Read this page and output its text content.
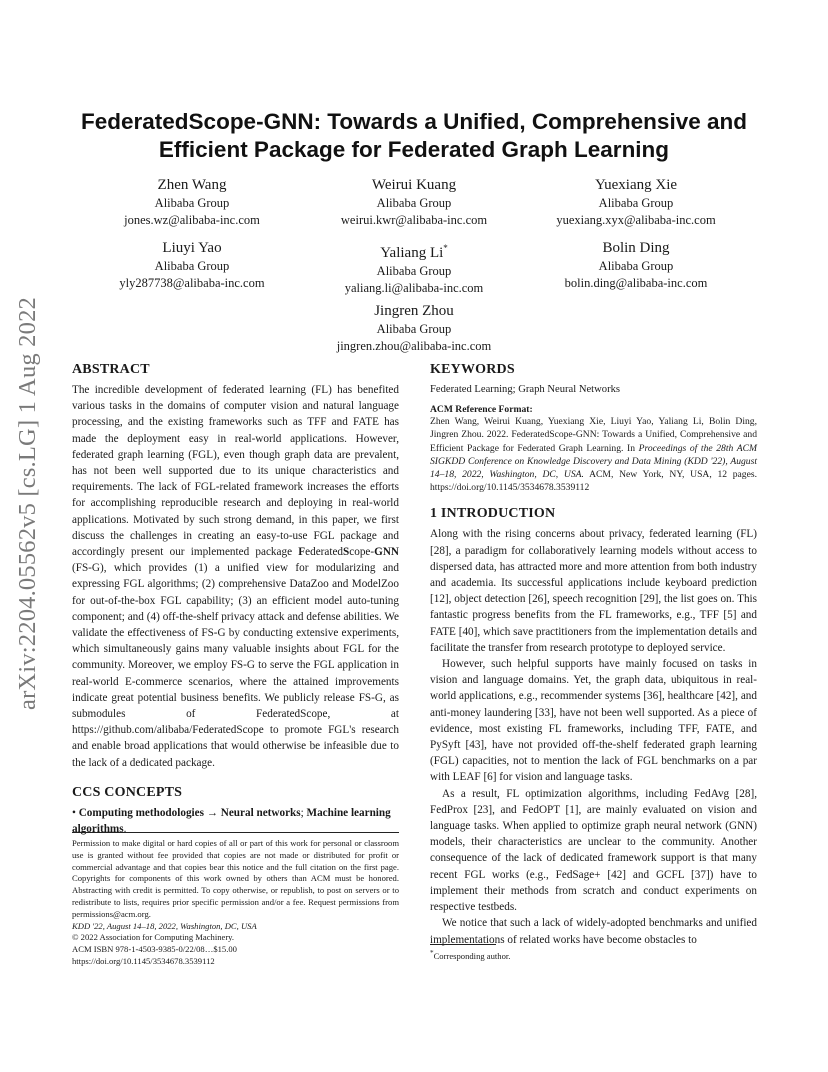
arXiv:2204.05562v5 [cs.LG] 1 Aug 2022
FederatedScope-GNN: Towards a Unified, Comprehensive and
Efficient Package for Federated Graph Learning
Zhen Wang
Alibaba Group
jones.wz@alibaba-inc.com
Weirui Kuang
Alibaba Group
weirui.kwr@alibaba-inc.com
Yuexiang Xie
Alibaba Group
yuexiang.xyx@alibaba-inc.com
Liuyi Yao
Alibaba Group
yly287738@alibaba-inc.com
Yaliang Li*
Alibaba Group
yaliang.li@alibaba-inc.com
Bolin Ding
Alibaba Group
bolin.ding@alibaba-inc.com
Jingren Zhou
Alibaba Group
jingren.zhou@alibaba-inc.com
ABSTRACT

The incredible development of federated learning (FL) has benefited various tasks in the domains of computer vision and natural language processing, and the existing frameworks such as TFF and FATE has made the deployment easy in real-world applications. However, federated graph learning (FGL), even though graph data are prevalent, has not been well supported due to its unique characteristics and requirements. The lack of FGL-related framework increases the efforts for accomplishing reproducible research and deploying in real-world applications. Motivated by such strong demand, in this paper, we first discuss the challenges in creating an easy-to-use FGL package and accordingly present our implemented package FederatedScope-GNN (FS-G), which provides (1) a unified view for modularizing and expressing FGL algorithms; (2) comprehensive DataZoo and ModelZoo for out-of-the-box FGL capability; (3) an efficient model auto-tuning component; and (4) off-the-shelf privacy attack and defense abilities. We validate the effectiveness of FS-G by conducting extensive experiments, which simultaneously gains many valuable insights about FGL for the community. Moreover, we employ FS-G to serve the FGL application in real-world E-commerce scenarios, where the attained improvements indicate great potential business benefits. We publicly release FS-G, as submodules of FederatedScope, at https://github.com/alibaba/FederatedScope to promote FGL's research and enable broad applications that would otherwise be infeasible due to the lack of a dedicated package.

CCS CONCEPTS
• Computing methodologies → Neural networks; Machine learning algorithms.
Permission to make digital or hard copies of all or part of this work for personal or classroom use is granted without fee provided that copies are not made or distributed for profit or commercial advantage and that copies bear this notice and the full citation on the first page. Copyrights for components of this work owned by others than ACM must be honored. Abstracting with credit is permitted. To copy otherwise, or republish, to post on servers or to redistribute to lists, requires prior specific permission and/or a fee. Request permissions from permissions@acm.org.
KDD '22, August 14–18, 2022, Washington, DC, USA
© 2022 Association for Computing Machinery.
ACM ISBN 978-1-4503-9385-0/22/08…$15.00
https://doi.org/10.1145/3534678.3539112
KEYWORDS
Federated Learning; Graph Neural Networks
ACM Reference Format:
Zhen Wang, Weirui Kuang, Yuexiang Xie, Liuyi Yao, Yaliang Li, Bolin Ding, Jingren Zhou. 2022. FederatedScope-GNN: Towards a Unified, Comprehensive and Efficient Package for Federated Graph Learning. In Proceedings of the 28th ACM SIGKDD Conference on Knowledge Discovery and Data Mining (KDD '22), August 14–18, 2022, Washington, DC, USA. ACM, New York, NY, USA, 12 pages. https://doi.org/10.1145/3534678.3539112
1 INTRODUCTION

Along with the rising concerns about privacy, federated learning (FL) [28], a paradigm for collaboratively learning models without access to dispersed data, has attracted more and more attention from both industry and academia. Its successful applications include keyboard prediction [12], object detection [26], speech recognition [29], the list goes on. This fantastic progress benefits from the FL frameworks, e.g., TFF [5] and FATE [40], which save practitioners from the implementation details and facilitate the transfer from research prototype to deployed service.

However, such helpful supports have mainly focused on tasks in vision and language domains. Yet, the graph data, ubiquitous in real-world applications, e.g., recommender systems [36], healthcare [42], and anti-money laundering [33], have not been well supported. As a piece of evidence, most existing FL frameworks, including TFF, FATE, and PySyft [43], have not provided off-the-shelf federated graph learning (FGL) capacities, not to mention the lack of FGL benchmarks on a par with LEAF [6] for vision and language tasks.

As a result, FL optimization algorithms, including FedAvg [28], FedProx [23], and FedOPT [1], are mainly evaluated on vision and language tasks. When applied to optimize graph neural network (GNN) models, their characteristics are unclear to the community. Another consequence of the lack of dedicated framework support is that many recent FGL works (e.g., FedSage+ [42] and GCFL [37]) have to implement their methods from scratch and conduct experiments on respective testbeds.

We notice that such a lack of widely-adopted benchmarks and unified implementations of related works have become obstacles to

*Corresponding author.
